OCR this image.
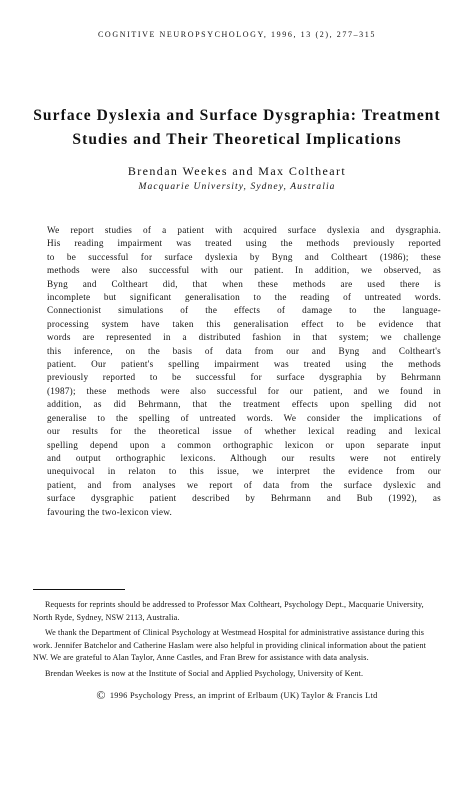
COGNITIVE NEUROPSYCHOLOGY, 1996, 13 (2), 277–315
Surface Dyslexia and Surface Dysgraphia: Treatment
Studies and Their Theoretical Implications
Brendan Weekes and Max Coltheart
Macquarie University, Sydney, Australia
We report studies of a patient with acquired surface dyslexia and dysgraphia.
His reading impairment was treated using the methods previously reported
to be successful for surface dyslexia by Byng and Coltheart (1986); these
methods were also successful with our patient. In addition, we observed, as
Byng and Coltheart did, that when these methods are used there is
incomplete but significant generalisation to the reading of untreated words.
Connectionist simulations of the effects of damage to the language-
processing system have taken this generalisation effect to be evidence that
words are represented in a distributed fashion in that system; we challenge
this inference, on the basis of data from our and Byng and Coltheart's
patient. Our patient's spelling impairment was treated using the methods
previously reported to be successful for surface dysgraphia by Behrmann
(1987); these methods were also successful for our patient, and we found in
addition, as did Behrmann, that the treatment effects upon spelling did not
generalise to the spelling of untreated words. We consider the implications of
our results for the theoretical issue of whether lexical reading and lexical
spelling depend upon a common orthographic lexicon or upon separate input
and output orthographic lexicons. Although our results were not entirely
unequivocal in relaton to this issue, we interpret the evidence from our
patient, and from analyses we report of data from the surface dyslexic and
surface dysgraphic patient described by Behrmann and Bub (1992), as
favouring the two-lexicon view.

Requests for reprints should be addressed to Professor Max Coltheart, Psychology Dept., Macquarie University, North Ryde, Sydney, NSW 2113, Australia.

We thank the Department of Clinical Psychology at Westmead Hospital for administrative assistance during this work. Jennifer Batchelor and Catherine Haslam were also helpful in providing clinical information about the patient NW. We are grateful to Alan Taylor, Anne Castles, and Fran Brew for assistance with data analysis.

Brendan Weekes is now at the Institute of Social and Applied Psychology, University of Kent.

© 1996 Psychology Press, an imprint of Erlbaum (UK) Taylor & Francis Ltd
